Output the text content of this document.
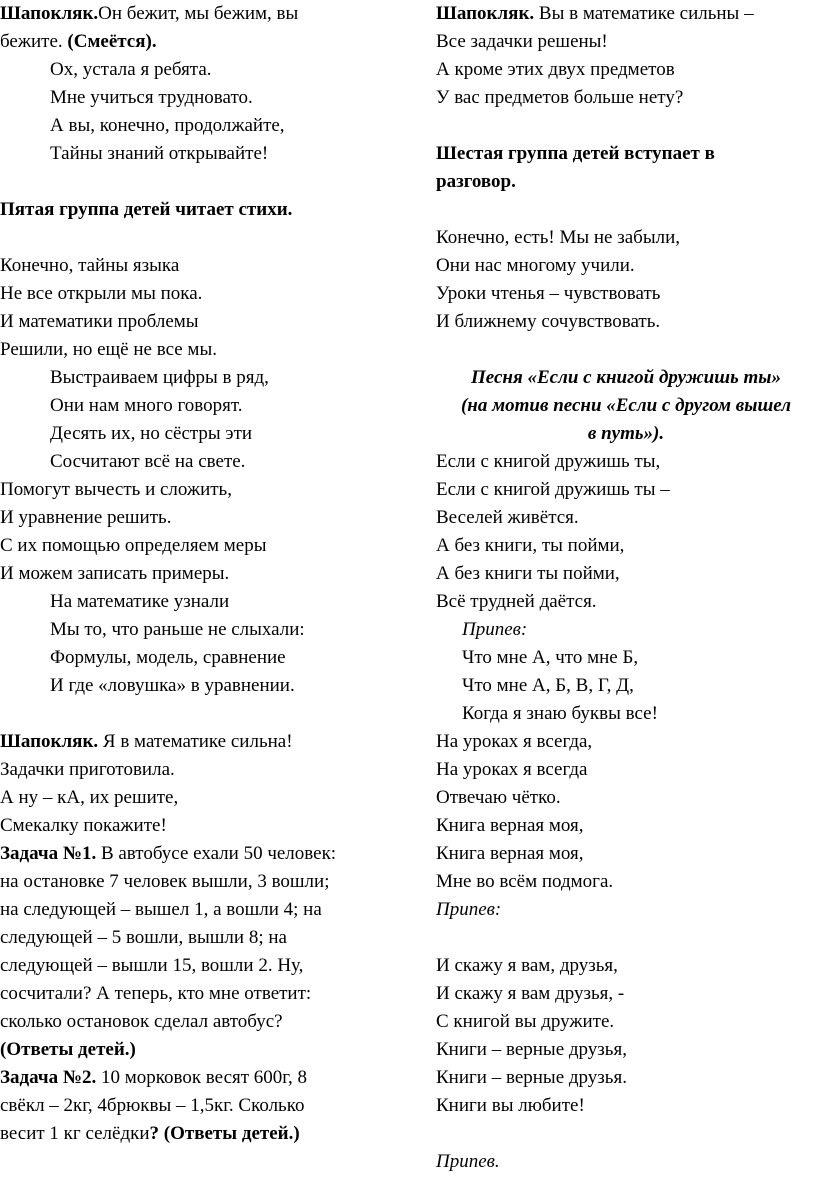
Шапокляк.Он бежит, мы бежим, вы
бежите. (Смеётся).
Ох, устала я ребята.
Мне учиться трудновато.
А вы, конечно, продолжайте,
Тайны знаний открывайте!
Пятая группа детей читает стихи.
Конечно, тайны языка
Не все открыли мы пока.
И математики проблемы
Решили, но ещё не все мы.
Выстраиваем цифры в ряд,
Они нам много говорят.
Десять их, но сёстры эти
Сосчитают всё на свете.
Помогут вычесть и сложить,
И уравнение решить.
С их помощью определяем меры
И можем записать примеры.
На математике узнали
Мы то, что раньше не слыхали:
Формулы, модель, сравнение
И где «ловушка» в уравнении.
Шапокляк. Я в математике сильна!
Задачки приготовила.
А ну – кА, их решите,
Смекалку покажите!
Задача №1. В автобусе ехали 50 человек:
на остановке 7 человек вышли, 3 вошли;
на следующей – вышел 1, а вошли 4; на
следующей – 5 вошли, вышли 8; на
следующей – вышли 15, вошли 2. Ну,
сосчитали? А теперь, кто мне ответит:
сколько остановок сделал автобус?
(Ответы детей.)
Задача №2. 10 морковок весят 600г, 8
свёкл – 2кг, 4брюквы – 1,5кг. Сколько
весит 1 кг селёдки? (Ответы детей.)
Шапокляк. Вы в математике сильны –
Все задачки решены!
А кроме этих двух предметов
У вас предметов больше нету?
Шестая группа детей вступает в
разговор.
Конечно, есть! Мы не забыли,
Они нас многому учили.
Уроки чтенья – чувствовать
И ближнему сочувствовать.
Песня «Если с книгой дружишь ты»
(на мотив песни «Если с другом вышел
в путь»).
Если с книгой дружишь ты,
Если с книгой дружишь ты –
Веселей живётся.
А без книги, ты пойми,
А без книги ты пойми,
Всё трудней даётся.
Припев:
Что мне А, что мне Б,
Что мне А, Б, В, Г, Д,
Когда я знаю буквы все!
На уроках я всегда,
На уроках я всегда
Отвечаю чётко.
Книга верная моя,
Книга верная моя,
Мне во всём подмога.
Припев:
И скажу я вам, друзья,
И скажу я вам друзья, -
С книгой вы дружите.
Книги – верные друзья,
Книги – верные друзья.
Книги вы любите!
Припев.
